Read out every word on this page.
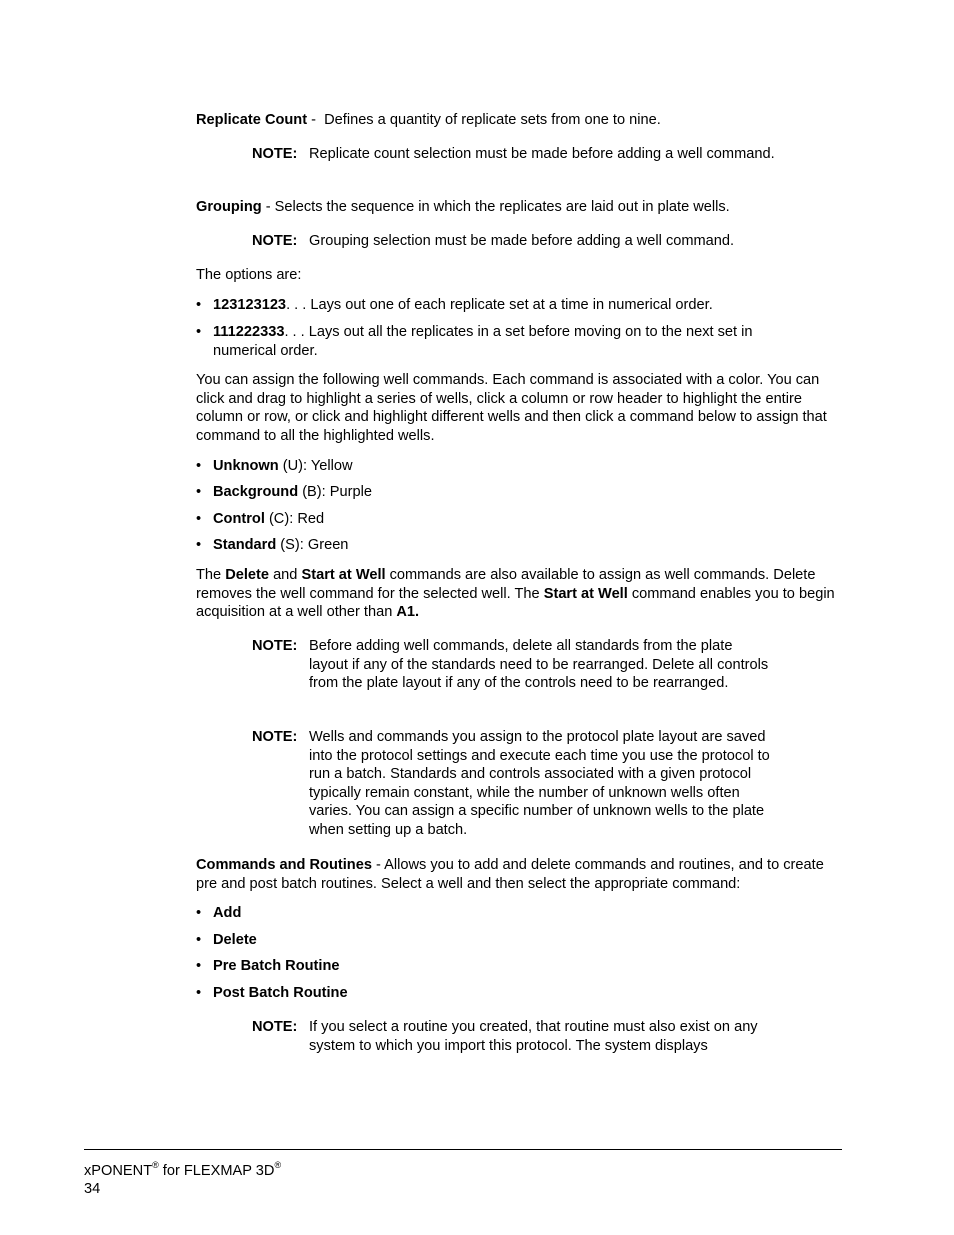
Replicate Count -  Defines a quantity of replicate sets from one to nine.

NOTE: Replicate count selection must be made before adding a well command.

Grouping - Selects the sequence in which the replicates are laid out in plate wells.

NOTE: Grouping selection must be made before adding a well command.

The options are:

• 123123123. . . Lays out one of each replicate set at a time in numerical order.
• 111222333. . . Lays out all the replicates in a set before moving on to the next set in numerical order.

You can assign the following well commands. Each command is associated with a color. You can click and drag to highlight a series of wells, click a column or row header to highlight the entire column or row, or click and highlight different wells and then click a command below to assign that command to all the highlighted wells.

• Unknown (U): Yellow
• Background (B): Purple
• Control (C): Red
• Standard (S): Green

The Delete and Start at Well commands are also available to assign as well commands. Delete removes the well command for the selected well. The Start at Well command enables you to begin acquisition at a well other than A1.

NOTE: Before adding well commands, delete all standards from the plate layout if any of the standards need to be rearranged. Delete all controls from the plate layout if any of the controls need to be rearranged.
NOTE: Wells and commands you assign to the protocol plate layout are saved into the protocol settings and execute each time you use the protocol to run a batch. Standards and controls associated with a given protocol typically remain constant, while the number of unknown wells often varies. You can assign a specific number of unknown wells to the plate when setting up a batch.

Commands and Routines - Allows you to add and delete commands and routines, and to create pre and post batch routines. Select a well and then select the appropriate command:

• Add
• Delete
• Pre Batch Routine
• Post Batch Routine
NOTE: If you select a routine you created, that routine must also exist on any system to which you import this protocol. The system displays
xPONENT® for FLEXMAP 3D®
34
